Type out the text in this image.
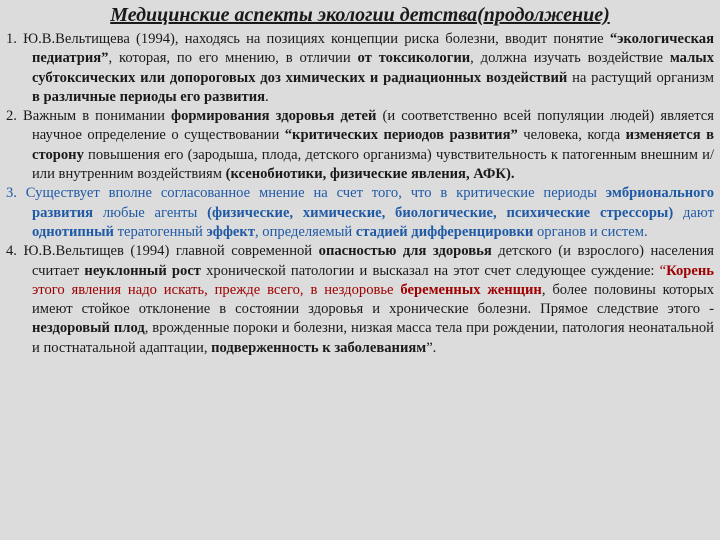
Медицинские аспекты экологии детства(продолжение)

1. Ю.В.Вельтищева (1994), находясь на позициях концепции риска болезни, вводит понятие “экологическая педиатрия”, которая, по его мнению, в отличии от токсикологии, должна изучать воздействие малых субтоксических или допороговых доз химических и радиационных воздействий на растущий организм в различные периоды его развития.

2. Важным в понимании формирования здоровья детей (и соответственно всей популяции людей) является научное определение о существовании “критических периодов развития” человека, когда изменяется в сторону повышения его (зародыша, плода, детского организма) чувствительность к патогенным внешним и/или внутренним воздействиям (ксенобиотики, физические явления, АФК).

3. Существует вполне согласованное мнение на счет того, что в критические периоды эмбрионального развития любые агенты (физические, химические, биологические, психические стрессоры) дают однотипный тератогенный эффект, определяемый стадией дифференцировки органов и систем.

4. Ю.В.Вельтищев (1994) главной современной опасностью для здоровья детского (и взрослого) населения считает неуклонный рост хронической патологии и высказал на этот счет следующее суждение: “Корень этого явления надо искать, прежде всего, в нездоровье беременных женщин, более половины которых имеют стойкое отклонение в состоянии здоровья и хронические болезни. Прямое следствие этого - нездоровый плод, врожденные пороки и болезни, низкая масса тела при рождении, патология неонатальной и постнатальной адаптации, подверженность к заболеваниям”.
